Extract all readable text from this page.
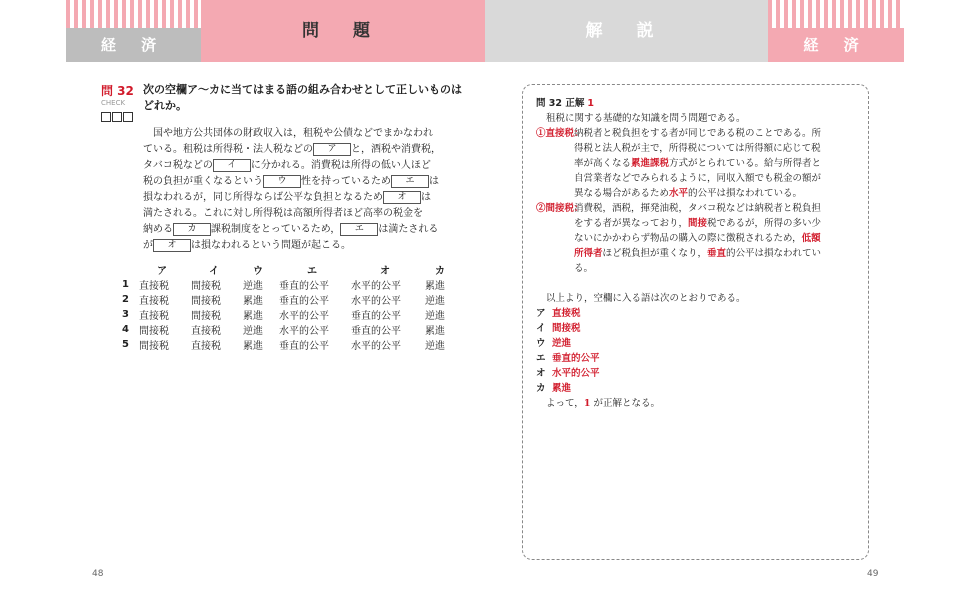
経 済
問 題	解 説
経 済
問 32
CHECK
次の空欄ア～カに当てはまる語の組み合わせとして正しいものは
どれか。
国や地方公共団体の財政収入は，租税や公債などでまかなわれ
ている。租税は所得税・法人税などの ア と，酒税や消費税，
タバコ税などの イ に分かれる。消費税は所得の低い人ほど
税の負担が重くなるという ウ 性を持っているため エ は
損なわれるが，同じ所得ならば公平な負担となるため オ は
満たされる。これに対し所得税は高額所得者ほど高率の税金を
納める カ 課税制度をとっているため， エ は満たされる
が オ は損なわれるという問題が起こる。
	ア	イ	ウ	エ	オ	カ
1	直接税	間接税	逆進	垂直的公平	水平的公平	累進
2	直接税	間接税	累進	垂直的公平	水平的公平	逆進
3	直接税	間接税	累進	水平的公平	垂直的公平	逆進
4	間接税	直接税	逆進	水平的公平	垂直的公平	累進
5	間接税	直接税	累進	垂直的公平	水平的公平	逆進
48
問 32 正解 1
租税に関する基礎的な知識を問う問題である。
①直接税：
納税者と税負担をする者が同じである税のことである。所
得税と法人税が主で，所得税については所得額に応じて税
率が高くなる累進課税方式がとられている。給与所得者と
自営業者などでみられるように，同収入額でも税金の額が
異なる場合があるため水平的公平は損なわれている。
②間接税：
消費税，酒税，揮発油税，タバコ税などは納税者と税負担
をする者が異なっており，間接税であるが，所得の多い少
ないにかかわらず物品の購入の際に徴税されるため，低額
所得者ほど税負担が重くなり，垂直的公平は損なわれてい
る。
以上より，空欄に入る語は次のとおりである。
ア 直接税
イ 間接税
ウ 逆進
エ 垂直的公平
オ 水平的公平
カ 累進
よって，1 が正解となる。
49
